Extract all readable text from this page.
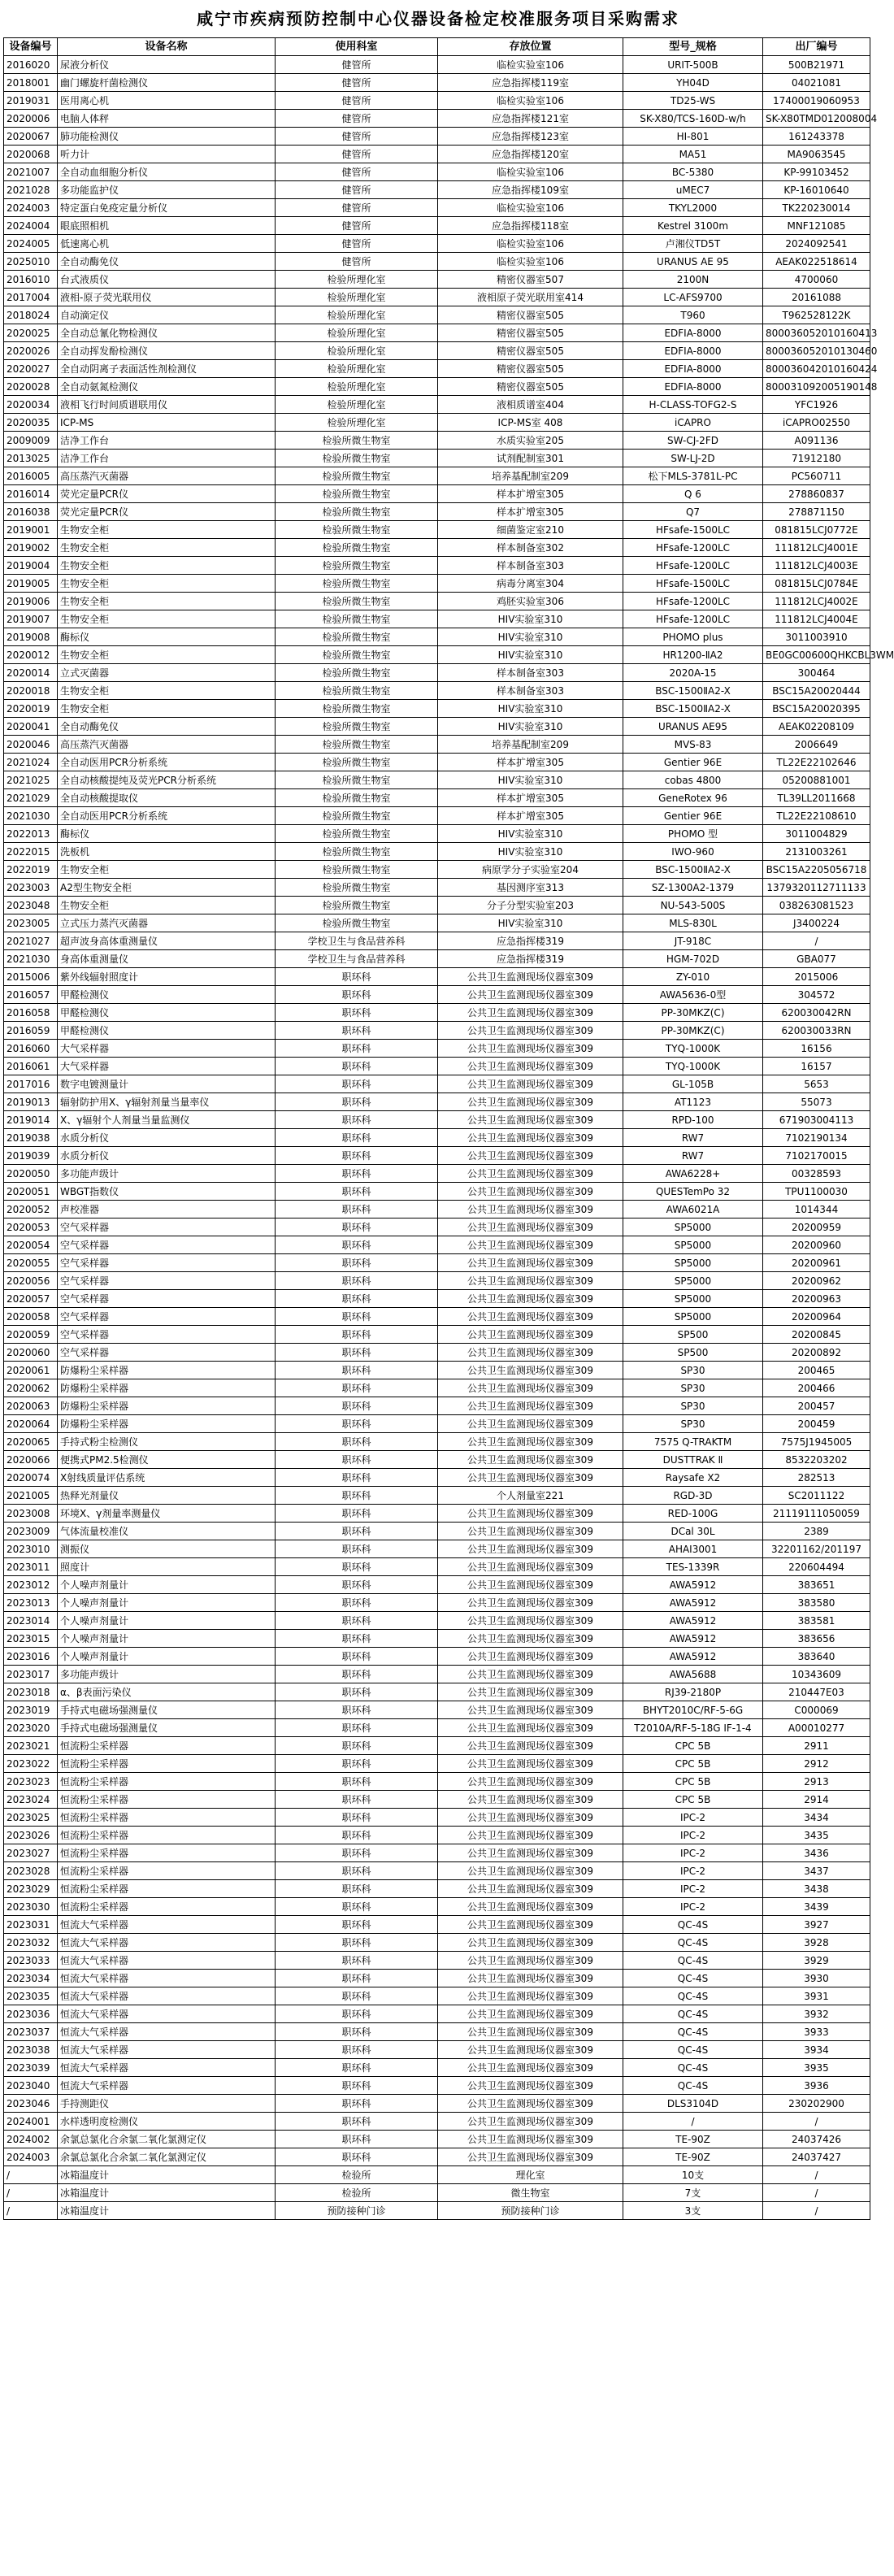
咸宁市疾病预防控制中心仪器设备检定校准服务项目采购需求
设备编号	设备名称	使用科室	存放位置	型号_规格	出厂编号
2016020	尿液分析仪	健管所	临检实验室106	URIT-500B	500B21971
2018001	幽门螺旋杆菌检测仪	健管所	应急指挥楼119室	YH04D	04021081
2019031	医用离心机	健管所	临检实验室106	TD25-WS	17400019060953
2020006	电脑人体秤	健管所	应急指挥楼121室	SK-X80/TCS-160D-w/h	SK-X80TMD012008004
2020067	肺功能检测仪	健管所	应急指挥楼123室	HI-801	161243378
2020068	听力计	健管所	应急指挥楼120室	MA51	MA9063545
2021007	全自动血细胞分析仪	健管所	临检实验室106	BC-5380	KP-99103452
2021028	多功能监护仪	健管所	应急指挥楼109室	uMEC7	KP-16010640
2024003	特定蛋白免疫定量分析仪	健管所	临检实验室106	TKYL2000	TK220230014
2024004	眼底照相机	健管所	应急指挥楼118室	Kestrel 3100m	MNF121085
2024005	低速离心机	健管所	临检实验室106	卢湘仪TD5T	2024092541
2025010	全自动酶免仪	健管所	临检实验室106	URANUS AE 95	AEAK022518614
2016010	台式液质仪	检验所理化室	精密仪器室507	2100N	4700060
2017004	液相-原子荧光联用仪	检验所理化室	液相原子荧光联用室414	LC-AFS9700	20161088
2018024	自动滴定仪	检验所理化室	精密仪器室505	T960	T962528122K
2020025	全自动总氰化物检测仪	检验所理化室	精密仪器室505	EDFIA-8000	800036052010160413
2020026	全自动挥发酚检测仪	检验所理化室	精密仪器室505	EDFIA-8000	800036052010130460
2020027	全自动阴离子表面活性剂检测仪	检验所理化室	精密仪器室505	EDFIA-8000	800036042010160424
2020028	全自动氨氮检测仪	检验所理化室	精密仪器室505	EDFIA-8000	800031092005190148
2020034	液相飞行时间质谱联用仪	检验所理化室	液相质谱室404	H-CLASS-TOFG2-S	YFC1926
2020035	ICP-MS	检验所理化室	ICP-MS室 408	iCAPRO	iCAPRO02550
2009009	洁净工作台	检验所微生物室	水质实验室205	SW-CJ-2FD	A091136
2013025	洁净工作台	检验所微生物室	试剂配制室301	SW-LJ-2D	71912180
2016005	高压蒸汽灭菌器	检验所微生物室	培养基配制室209	松下MLS-3781L-PC	PC560711
2016014	荧光定量PCR仪	检验所微生物室	样本扩增室305	Q 6	278860837
2016038	荧光定量PCR仪	检验所微生物室	样本扩增室305	Q7	278871150
2019001	生物安全柜	检验所微生物室	细菌鉴定室210	HFsafe-1500LC	081815LCJ0772E
2019002	生物安全柜	检验所微生物室	样本制备室302	HFsafe-1200LC	111812LCJ4001E
2019004	生物安全柜	检验所微生物室	样本制备室303	HFsafe-1200LC	111812LCJ4003E
2019005	生物安全柜	检验所微生物室	病毒分离室304	HFsafe-1500LC	081815LCJ0784E
2019006	生物安全柜	检验所微生物室	鸡胚实验室306	HFsafe-1200LC	111812LCJ4002E
2019007	生物安全柜	检验所微生物室	HIV实验室310	HFsafe-1200LC	111812LCJ4004E
2019008	酶标仪	检验所微生物室	HIV实验室310	PHOMO plus	3011003910
2020012	生物安全柜	检验所微生物室	HIV实验室310	HR1200-ⅡA2	BE0GC00600QHKCBL3WM
2020014	立式灭菌器	检验所微生物室	样本制备室303	2020A-15	300464
2020018	生物安全柜	检验所微生物室	样本制备室303	BSC-1500ⅡA2-X	BSC15A20020444
2020019	生物安全柜	检验所微生物室	HIV实验室310	BSC-1500ⅡA2-X	BSC15A20020395
2020041	全自动酶免仪	检验所微生物室	HIV实验室310	URANUS AE95	AEAK02208109
2020046	高压蒸汽灭菌器	检验所微生物室	培养基配制室209	MVS-83	2006649
2021024	全自动医用PCR分析系统	检验所微生物室	样本扩增室305	Gentier 96E	TL22E22102646
2021025	全自动核酸提纯及荧光PCR分析系统	检验所微生物室	HIV实验室310	cobas 4800	05200881001
2021029	全自动核酸提取仪	检验所微生物室	样本扩增室305	GeneRotex 96	TL39LL2011668
2021030	全自动医用PCR分析系统	检验所微生物室	样本扩增室305	Gentier 96E	TL22E22108610
2022013	酶标仪	检验所微生物室	HIV实验室310	PHOMO 型	3011004829
2022015	洗板机	检验所微生物室	HIV实验室310	IWO-960	2131003261
2022019	生物安全柜	检验所微生物室	病原学分子实验室204	BSC-1500ⅡA2-X	BSC15A2205056718
2023003	A2型生物安全柜	检验所微生物室	基因测序室313	SZ-1300A2-1379	1379320112711133
2023048	生物安全柜	检验所微生物室	分子分型实验室203	NU-543-500S	038263081523
2023005	立式压力蒸汽灭菌器	检验所微生物室	HIV实验室310	MLS-830L	J3400224
2021027	超声波身高体重测量仪	学校卫生与食品营养科	应急指挥楼319	JT-918C	/
2021030	身高体重测量仪	学校卫生与食品营养科	应急指挥楼319	HGM-702D	GBA077
2015006	紫外线辐射照度计	职环科	公共卫生监测现场仪器室309	ZY-010	2015006
2016057	甲醛检测仪	职环科	公共卫生监测现场仪器室309	AWA5636-0型	304572
2016058	甲醛检测仪	职环科	公共卫生监测现场仪器室309	PP-30MKZ(C)	620030042RN
2016059	甲醛检测仪	职环科	公共卫生监测现场仪器室309	PP-30MKZ(C)	620030033RN
2016060	大气采样器	职环科	公共卫生监测现场仪器室309	TYQ-1000K	16156
2016061	大气采样器	职环科	公共卫生监测现场仪器室309	TYQ-1000K	16157
2017016	数字电镀测量计	职环科	公共卫生监测现场仪器室309	GL-105B	5653
2019013	辐射防护用X、γ辐射剂量当量率仪	职环科	公共卫生监测现场仪器室309	AT1123	55073
2019014	X、γ辐射个人剂量当量监测仪	职环科	公共卫生监测现场仪器室309	RPD-100	671903004113
2019038	水质分析仪	职环科	公共卫生监测现场仪器室309	RW7	7102190134
2019039	水质分析仪	职环科	公共卫生监测现场仪器室309	RW7	7102170015
2020050	多功能声级计	职环科	公共卫生监测现场仪器室309	AWA6228+	00328593
2020051	WBGT指数仪	职环科	公共卫生监测现场仪器室309	QUESTemPo 32	TPU1100030
2020052	声校准器	职环科	公共卫生监测现场仪器室309	AWA6021A	1014344
2020053	空气采样器	职环科	公共卫生监测现场仪器室309	SP5000	20200959
2020054	空气采样器	职环科	公共卫生监测现场仪器室309	SP5000	20200960
2020055	空气采样器	职环科	公共卫生监测现场仪器室309	SP5000	20200961
2020056	空气采样器	职环科	公共卫生监测现场仪器室309	SP5000	20200962
2020057	空气采样器	职环科	公共卫生监测现场仪器室309	SP5000	20200963
2020058	空气采样器	职环科	公共卫生监测现场仪器室309	SP5000	20200964
2020059	空气采样器	职环科	公共卫生监测现场仪器室309	SP500	20200845
2020060	空气采样器	职环科	公共卫生监测现场仪器室309	SP500	20200892
2020061	防爆粉尘采样器	职环科	公共卫生监测现场仪器室309	SP30	200465
2020062	防爆粉尘采样器	职环科	公共卫生监测现场仪器室309	SP30	200466
2020063	防爆粉尘采样器	职环科	公共卫生监测现场仪器室309	SP30	200457
2020064	防爆粉尘采样器	职环科	公共卫生监测现场仪器室309	SP30	200459
2020065	手持式粉尘检测仪	职环科	公共卫生监测现场仪器室309	7575 Q-TRAKTM	7575J1945005
2020066	便携式PM2.5检测仪	职环科	公共卫生监测现场仪器室309	DUSTTRAK Ⅱ	8532203202
2020074	X射线质量评估系统	职环科	公共卫生监测现场仪器室309	Raysafe X2	282513
2021005	热释光剂量仪	职环科	个人剂量室221	RGD-3D	SC2011122
2023008	环境X、γ剂量率测量仪	职环科	公共卫生监测现场仪器室309	RED-100G	21119111050059
2023009	气体流量校准仪	职环科	公共卫生监测现场仪器室309	DCal 30L	2389
2023010	测振仪	职环科	公共卫生监测现场仪器室309	AHAI3001	32201162/201197
2023011	照度计	职环科	公共卫生监测现场仪器室309	TES-1339R	220604494
2023012	个人噪声剂量计	职环科	公共卫生监测现场仪器室309	AWA5912	383651
2023013	个人噪声剂量计	职环科	公共卫生监测现场仪器室309	AWA5912	383580
2023014	个人噪声剂量计	职环科	公共卫生监测现场仪器室309	AWA5912	383581
2023015	个人噪声剂量计	职环科	公共卫生监测现场仪器室309	AWA5912	383656
2023016	个人噪声剂量计	职环科	公共卫生监测现场仪器室309	AWA5912	383640
2023017	多功能声级计	职环科	公共卫生监测现场仪器室309	AWA5688	10343609
2023018	α、β表面污染仪	职环科	公共卫生监测现场仪器室309	RJ39-2180P	210447E03
2023019	手持式电磁场强测量仪	职环科	公共卫生监测现场仪器室309	BHYT2010C/RF-5-6G	C000069
2023020	手持式电磁场强测量仪	职环科	公共卫生监测现场仪器室309	T2010A/RF-5-18G IF-1-4	A00010277
2023021	恒流粉尘采样器	职环科	公共卫生监测现场仪器室309	CPC 5B	2911
2023022	恒流粉尘采样器	职环科	公共卫生监测现场仪器室309	CPC 5B	2912
2023023	恒流粉尘采样器	职环科	公共卫生监测现场仪器室309	CPC 5B	2913
2023024	恒流粉尘采样器	职环科	公共卫生监测现场仪器室309	CPC 5B	2914
2023025	恒流粉尘采样器	职环科	公共卫生监测现场仪器室309	IPC-2	3434
2023026	恒流粉尘采样器	职环科	公共卫生监测现场仪器室309	IPC-2	3435
2023027	恒流粉尘采样器	职环科	公共卫生监测现场仪器室309	IPC-2	3436
2023028	恒流粉尘采样器	职环科	公共卫生监测现场仪器室309	IPC-2	3437
2023029	恒流粉尘采样器	职环科	公共卫生监测现场仪器室309	IPC-2	3438
2023030	恒流粉尘采样器	职环科	公共卫生监测现场仪器室309	IPC-2	3439
2023031	恒流大气采样器	职环科	公共卫生监测现场仪器室309	QC-4S	3927
2023032	恒流大气采样器	职环科	公共卫生监测现场仪器室309	QC-4S	3928
2023033	恒流大气采样器	职环科	公共卫生监测现场仪器室309	QC-4S	3929
2023034	恒流大气采样器	职环科	公共卫生监测现场仪器室309	QC-4S	3930
2023035	恒流大气采样器	职环科	公共卫生监测现场仪器室309	QC-4S	3931
2023036	恒流大气采样器	职环科	公共卫生监测现场仪器室309	QC-4S	3932
2023037	恒流大气采样器	职环科	公共卫生监测现场仪器室309	QC-4S	3933
2023038	恒流大气采样器	职环科	公共卫生监测现场仪器室309	QC-4S	3934
2023039	恒流大气采样器	职环科	公共卫生监测现场仪器室309	QC-4S	3935
2023040	恒流大气采样器	职环科	公共卫生监测现场仪器室309	QC-4S	3936
2023046	手持测距仪	职环科	公共卫生监测现场仪器室309	DLS3104D	230202900
2024001	水样透明度检测仪	职环科	公共卫生监测现场仪器室309	/	/
2024002	余氯总氯化合余氯二氧化氯测定仪	职环科	公共卫生监测现场仪器室309	TE-90Z	24037426
2024003	余氯总氯化合余氯二氧化氯测定仪	职环科	公共卫生监测现场仪器室309	TE-90Z	24037427
/	冰箱温度计	检验所	理化室	10支	/
/	冰箱温度计	检验所	微生物室	7支	/
/	冰箱温度计	预防接种门诊	预防接种门诊	3支	/
